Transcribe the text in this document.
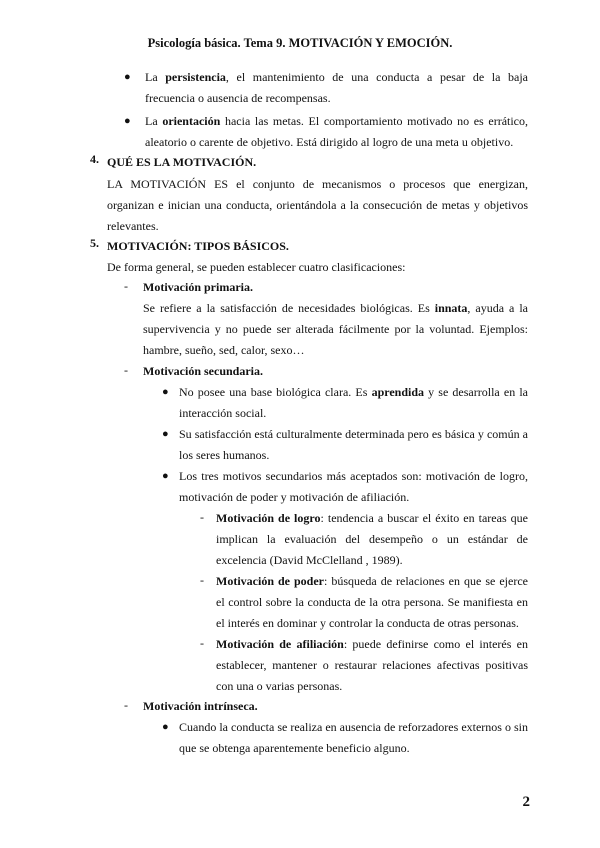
Psicología básica. Tema 9. MOTIVACIÓN Y EMOCIÓN.
● La persistencia, el mantenimiento de una conducta a pesar de la baja frecuencia o ausencia de recompensas.
● La orientación hacia las metas. El comportamiento motivado no es errático, aleatorio o carente de objetivo. Está dirigido al logro de una meta u objetivo.
4. QUÉ ES LA MOTIVACIÓN.
LA MOTIVACIÓN ES el conjunto de mecanismos o procesos que energizan, organizan e inician una conducta, orientándola a la consecución de metas y objetivos relevantes.
5. MOTIVACIÓN: TIPOS BÁSICOS.
De forma general, se pueden establecer cuatro clasificaciones:
- Motivación primaria.
Se refiere a la satisfacción de necesidades biológicas. Es innata, ayuda a la supervivencia y no puede ser alterada fácilmente por la voluntad. Ejemplos: hambre, sueño, sed, calor, sexo…
- Motivación secundaria.
● No posee una base biológica clara. Es aprendida y se desarrolla en la interacción social.
● Su satisfacción está culturalmente determinada pero es básica y común a los seres humanos.
● Los tres motivos secundarios más aceptados son: motivación de logro, motivación de poder y motivación de afiliación.
- Motivación de logro: tendencia a buscar el éxito en tareas que implican la evaluación del desempeño o un estándar de excelencia (David McClelland , 1989).
- Motivación de poder: búsqueda de relaciones en que se ejerce el control sobre la conducta de la otra persona. Se manifiesta en el interés en dominar y controlar la conducta de otras personas.
- Motivación de afiliación: puede definirse como el interés en establecer, mantener o restaurar relaciones afectivas positivas con una o varias personas.
- Motivación intrínseca.
● Cuando la conducta se realiza en ausencia de reforzadores externos o sin que se obtenga aparentemente beneficio alguno.
2
